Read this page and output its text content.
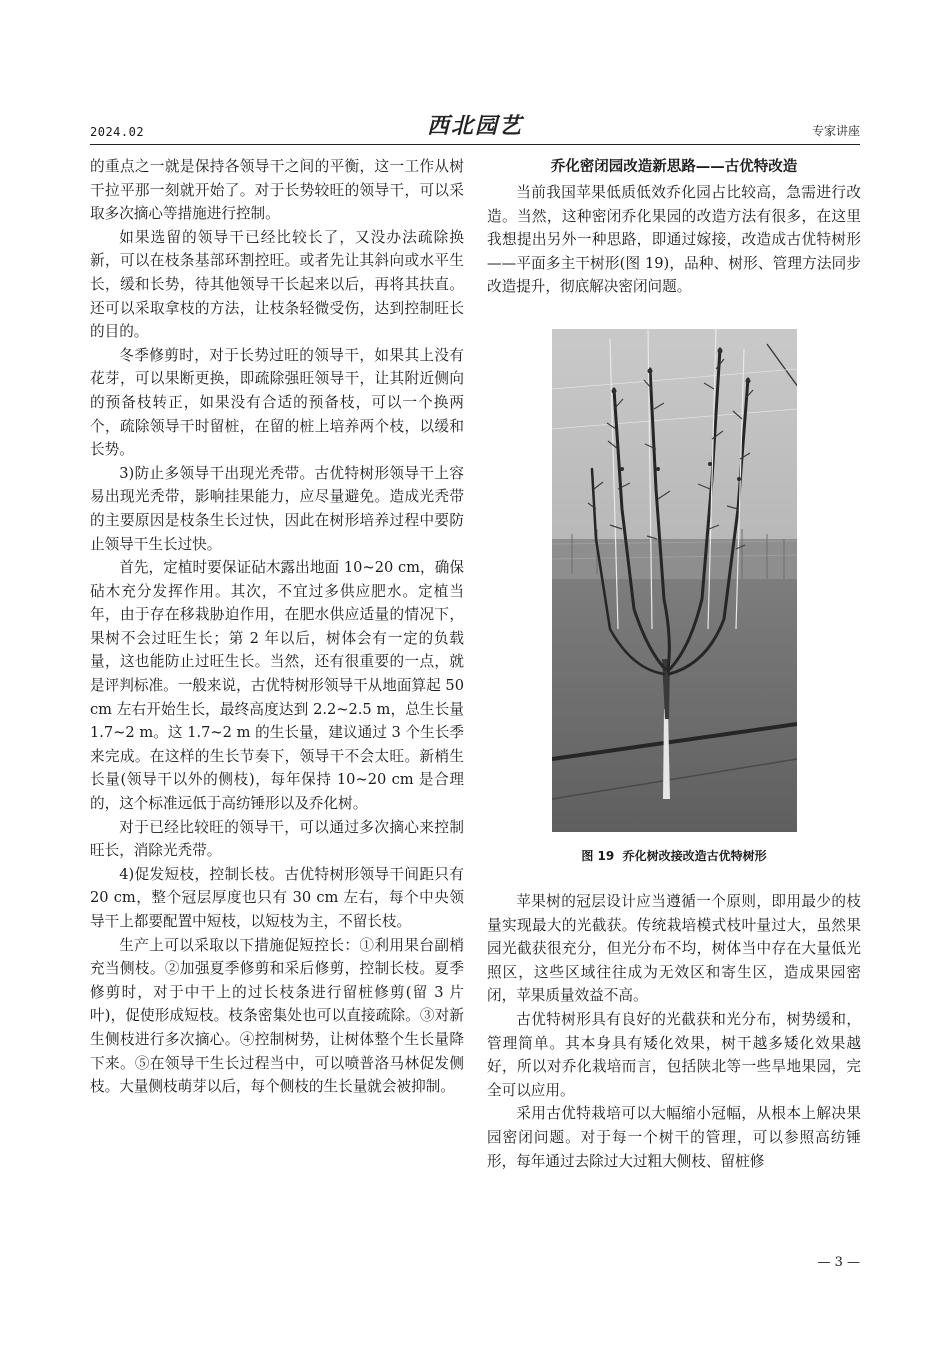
2024.02	西北园艺	专家讲座

的重点之一就是保持各领导干之间的平衡，这一工作从树干拉平那一刻就开始了。对于长势较旺的领导干，可以采取多次摘心等措施进行控制。

如果选留的领导干已经比较长了，又没办法疏除换新，可以在枝条基部环割控旺。或者先让其斜向或水平生长，缓和长势，待其他领导干长起来以后，再将其扶直。还可以采取拿枝的方法，让枝条轻微受伤，达到控制旺长的目的。

冬季修剪时，对于长势过旺的领导干，如果其上没有花芽，可以果断更换，即疏除强旺领导干，让其附近侧向的预备枝转正，如果没有合适的预备枝，可以一个换两个，疏除领导干时留桩，在留的桩上培养两个枝，以缓和长势。

3)防止多领导干出现光秃带。古优特树形领导干上容易出现光秃带，影响挂果能力，应尽量避免。造成光秃带的主要原因是枝条生长过快，因此在树形培养过程中要防止领导干生长过快。

首先，定植时要保证砧木露出地面 10~20 cm，确保砧木充分发挥作用。其次，不宜过多供应肥水。定植当年，由于存在移栽胁迫作用，在肥水供应适量的情况下，果树不会过旺生长；第 2 年以后，树体会有一定的负载量，这也能防止过旺生长。当然，还有很重要的一点，就是评判标准。一般来说，古优特树形领导干从地面算起 50 cm 左右开始生长，最终高度达到 2.2~2.5 m，总生长量 1.7~2 m。这 1.7~2 m 的生长量，建议通过 3 个生长季来完成。在这样的生长节奏下，领导干不会太旺。新梢生长量(领导干以外的侧枝)，每年保持 10~20 cm 是合理的，这个标准远低于高纺锤形以及乔化树。

对于已经比较旺的领导干，可以通过多次摘心来控制旺长，消除光秃带。

4)促发短枝，控制长枝。古优特树形领导干间距只有 20 cm，整个冠层厚度也只有 30 cm 左右，每个中央领导干上都要配置中短枝，以短枝为主，不留长枝。

生产上可以采取以下措施促短控长：①利用果台副梢充当侧枝。②加强夏季修剪和采后修剪，控制长枝。夏季修剪时，对于中干上的过长枝条进行留桩修剪(留 3 片叶)，促使形成短枝。枝条密集处也可以直接疏除。③对新生侧枝进行多次摘心。④控制树势，让树体整个生长量降下来。⑤在领导干生长过程当中，可以喷普洛马林促发侧枝。大量侧枝萌芽以后，每个侧枝的生长量就会被抑制。

乔化密闭园改造新思路——古优特改造

当前我国苹果低质低效乔化园占比较高，急需进行改造。当然，这种密闭乔化果园的改造方法有很多，在这里我想提出另外一种思路，即通过嫁接，改造成古优特树形——平面多主干树形(图 19)，品种、树形、管理方法同步改造提升，彻底解决密闭问题。

图 19 乔化树改接改造古优特树形

苹果树的冠层设计应当遵循一个原则，即用最少的枝量实现最大的光截获。传统栽培模式枝叶量过大，虽然果园光截获很充分，但光分布不均，树体当中存在大量低光照区，这些区域往往成为无效区和寄生区，造成果园密闭，苹果质量效益不高。

古优特树形具有良好的光截获和光分布，树势缓和，管理简单。其本身具有矮化效果，树干越多矮化效果越好，所以对乔化栽培而言，包括陕北等一些旱地果园，完全可以应用。

采用古优特栽培可以大幅缩小冠幅，从根本上解决果园密闭问题。对于每一个树干的管理，可以参照高纺锤形，每年通过去除过大过粗大侧枝、留桩修

— 3 —
